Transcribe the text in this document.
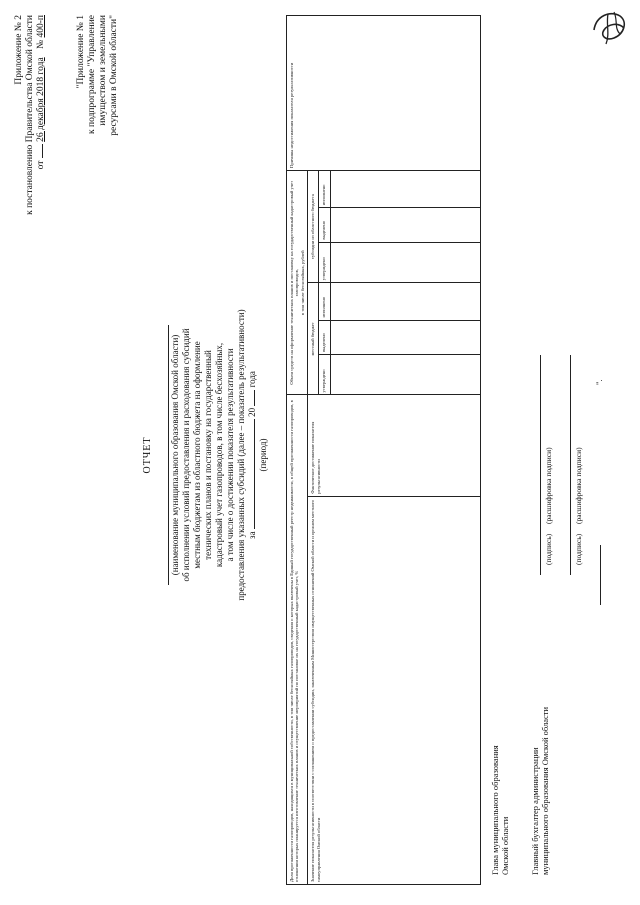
Приложение № 2 к постановлению Правительства Омской области от  26 декабря 2018 года № 400-п	"Приложение № 1 к подпрограмме "Управление имуществом и земельными ресурсами в Омской области"
ОТЧЕТ (наименование муниципального образования Омской области) об исполнении условий предоставления и расходования субсидий местным бюджетам из областного бюджета на оформление технических планов и постановку на государственный кадастровый учет газопроводов, в том числе бесхозяйных, а том числе о достижении показателя результативности предоставления указанных субсидий (далее – показатель результативности) за  20  года
(период)	Доля протяженности газопроводов, находящихся в муниципальной собственности, в том числе бесхозяйных газопроводов, сведения о которых включены в Единый государственный реестр недвижимости, в общей протяженности газопроводов, в отношении которых планируется изготовление технических планов и осуществление мероприятий по постановке их на государственный кадастровый учет, %		Объем средств на оформление технических планов и постановку на государственный кадастровый учет газопроводов, в том числе бесхозяйных, рублей						Причины недостижения показателя результативности
Значение показателя результативности в соответствии с соглашением о предоставлении субсидии, заключенным Министерством имущественных отношений Омской области и органом местного самоуправления Омской области	Фактическое достижение показателя результативности	местный бюджет			субсидии из областного бюджета			
		утверждено	выделено	исполнено	утверждено	выделено	исполнено	

Глава муниципального образования Омской области
(подпись) (расшифровка подписи)
Главный бухгалтер администрации муниципального образования Омской области
(подпись) (расшифровка подписи)
".
